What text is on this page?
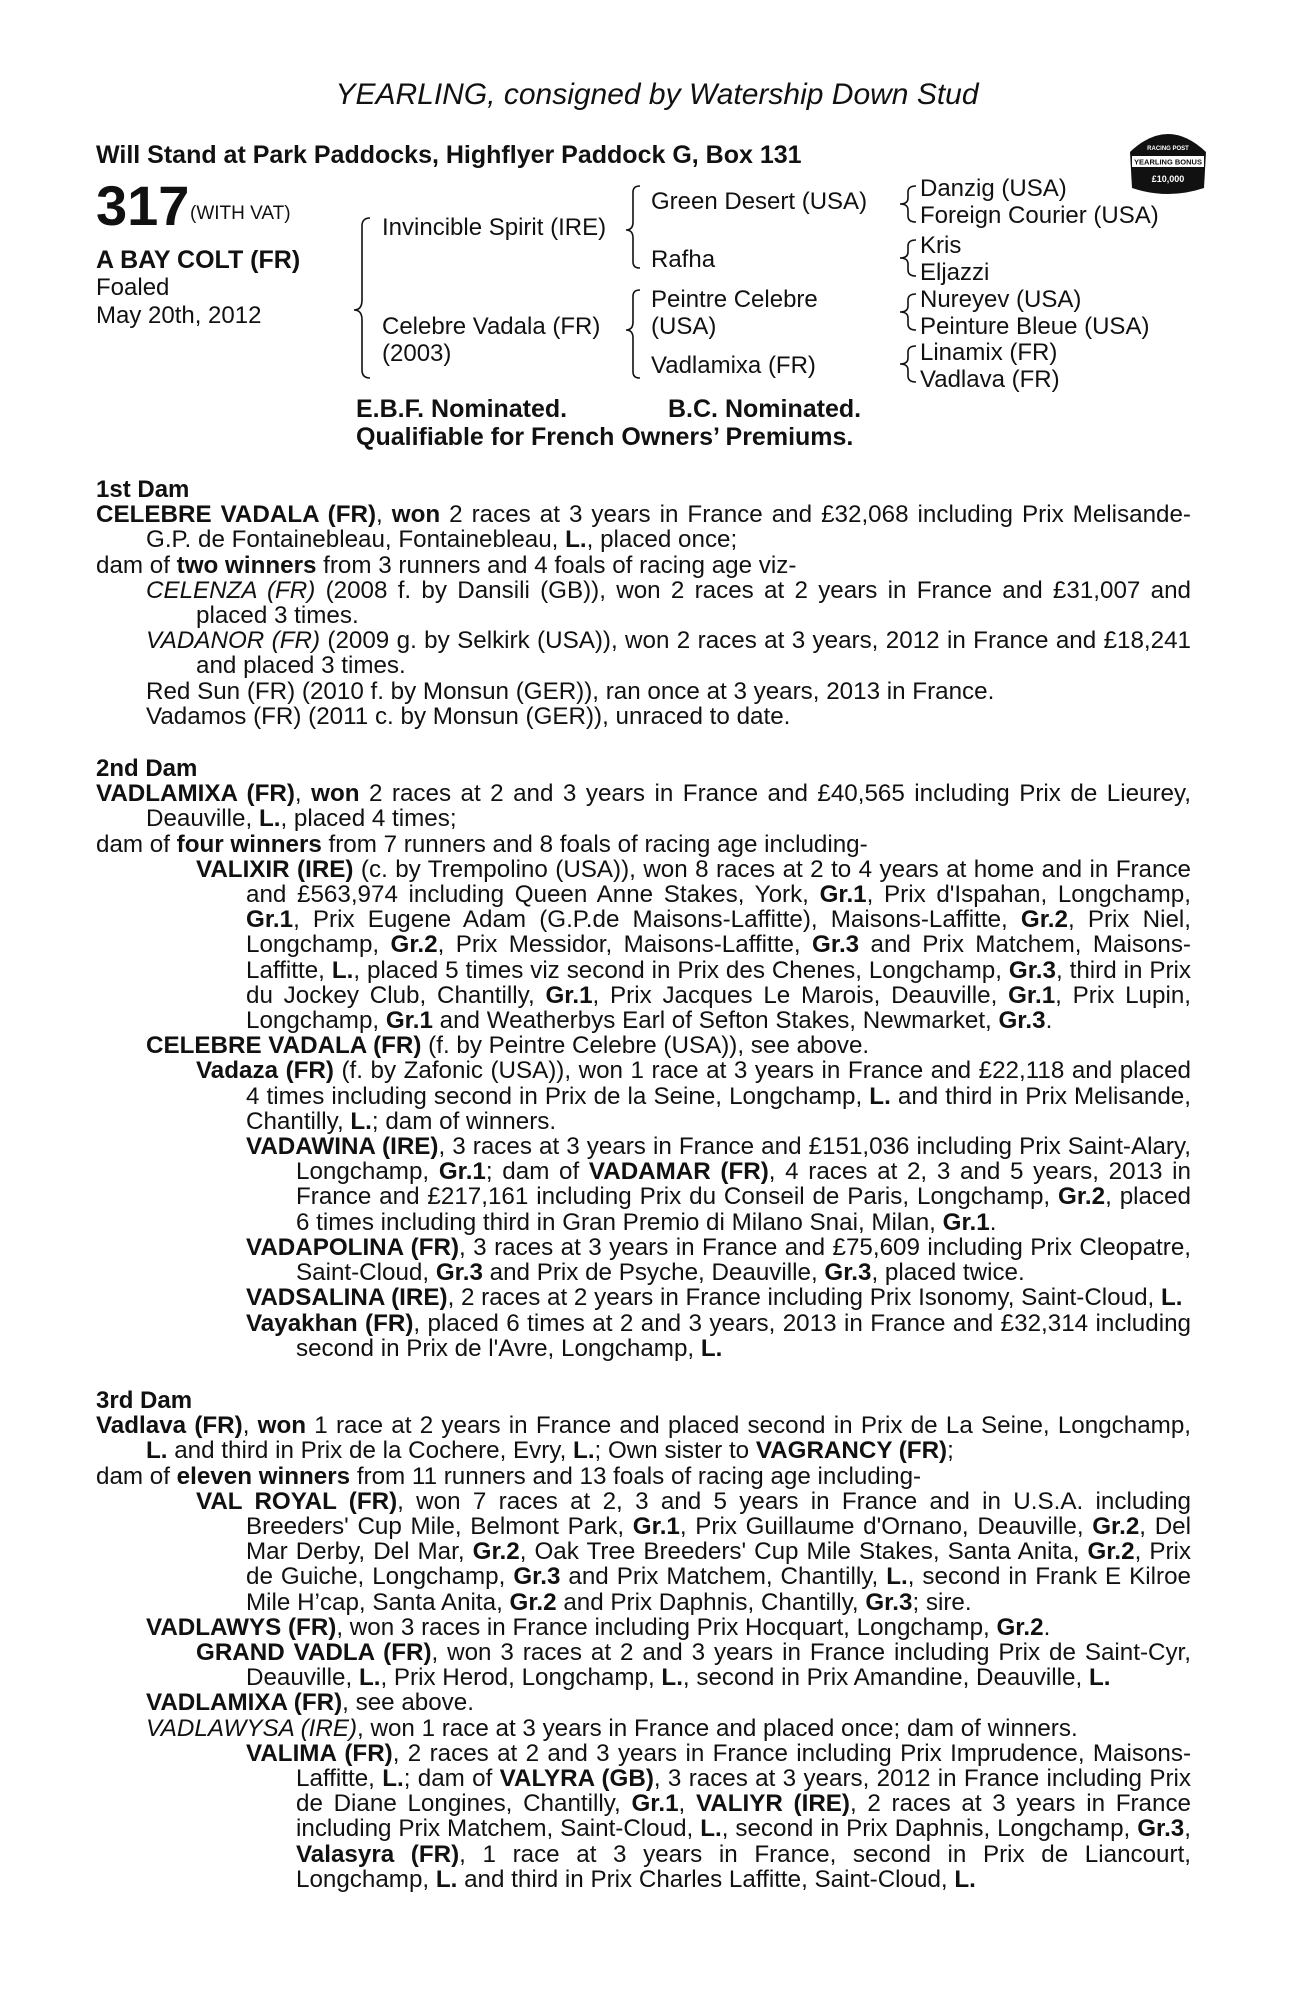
YEARLING, consigned by Watership Down Stud
Will Stand at Park Paddocks, Highflyer Paddock G, Box 131	RACING POST
YEARLING BONUS
£10,000
317 (WITH VAT)
A BAY COLT (FR)
Foaled
May 20th, 2012
Invincible Spirit (IRE)
Celebre Vadala (FR)
(2003)
Green Desert (USA)
Rafha
Peintre Celebre
(USA)
Vadlamixa (FR)
Danzig (USA)
Foreign Courier (USA)
Kris
Eljazzi
Nureyev (USA)
Peinture Bleue (USA)
Linamix (FR)
Vadlava (FR)
E.B.F. Nominated.	B.C. Nominated.
Qualifiable for French Owners’ Premiums.
1st Dam
CELEBRE VADALA (FR), won 2 races at 3 years in France and £32,068 including Prix Melisande-G.P. de Fontainebleau, Fontainebleau, L., placed once;
dam of two winners from 3 runners and 4 foals of racing age viz-
CELENZA (FR) (2008 f. by Dansili (GB)), won 2 races at 2 years in France and £31,007 and placed 3 times.
VADANOR (FR) (2009 g. by Selkirk (USA)), won 2 races at 3 years, 2012 in France and £18,241 and placed 3 times.
Red Sun (FR) (2010 f. by Monsun (GER)), ran once at 3 years, 2013 in France.
Vadamos (FR) (2011 c. by Monsun (GER)), unraced to date.
2nd Dam
VADLAMIXA (FR), won 2 races at 2 and 3 years in France and £40,565 including Prix de Lieurey, Deauville, L., placed 4 times;
dam of four winners from 7 runners and 8 foals of racing age including-
VALIXIR (IRE) (c. by Trempolino (USA)), won 8 races at 2 to 4 years at home and in France and £563,974 including Queen Anne Stakes, York, Gr.1, Prix d'Ispahan, Longchamp, Gr.1, Prix Eugene Adam (G.P.de Maisons-Laffitte), Maisons-Laffitte, Gr.2, Prix Niel, Longchamp, Gr.2, Prix Messidor, Maisons-Laffitte, Gr.3 and Prix Matchem, Maisons-Laffitte, L., placed 5 times viz second in Prix des Chenes, Longchamp, Gr.3, third in Prix du Jockey Club, Chantilly, Gr.1, Prix Jacques Le Marois, Deauville, Gr.1, Prix Lupin, Longchamp, Gr.1 and Weatherbys Earl of Sefton Stakes, Newmarket, Gr.3.
CELEBRE VADALA (FR) (f. by Peintre Celebre (USA)), see above.
Vadaza (FR) (f. by Zafonic (USA)), won 1 race at 3 years in France and £22,118 and placed 4 times including second in Prix de la Seine, Longchamp, L. and third in Prix Melisande, Chantilly, L.; dam of winners.
VADAWINA (IRE), 3 races at 3 years in France and £151,036 including Prix Saint-Alary, Longchamp, Gr.1; dam of VADAMAR (FR), 4 races at 2, 3 and 5 years, 2013 in France and £217,161 including Prix du Conseil de Paris, Longchamp, Gr.2, placed 6 times including third in Gran Premio di Milano Snai, Milan, Gr.1.
VADAPOLINA (FR), 3 races at 3 years in France and £75,609 including Prix Cleopatre, Saint-Cloud, Gr.3 and Prix de Psyche, Deauville, Gr.3, placed twice.
VADSALINA (IRE), 2 races at 2 years in France including Prix Isonomy, Saint-Cloud, L.
Vayakhan (FR), placed 6 times at 2 and 3 years, 2013 in France and £32,314 including second in Prix de l'Avre, Longchamp, L.
3rd Dam
Vadlava (FR), won 1 race at 2 years in France and placed second in Prix de La Seine, Longchamp, L. and third in Prix de la Cochere, Evry, L.; Own sister to VAGRANCY (FR);
dam of eleven winners from 11 runners and 13 foals of racing age including-
VAL ROYAL (FR), won 7 races at 2, 3 and 5 years in France and in U.S.A. including Breeders' Cup Mile, Belmont Park, Gr.1, Prix Guillaume d'Ornano, Deauville, Gr.2, Del Mar Derby, Del Mar, Gr.2, Oak Tree Breeders' Cup Mile Stakes, Santa Anita, Gr.2, Prix de Guiche, Longchamp, Gr.3 and Prix Matchem, Chantilly, L., second in Frank E Kilroe Mile H’cap, Santa Anita, Gr.2 and Prix Daphnis, Chantilly, Gr.3; sire.
VADLAWYS (FR), won 3 races in France including Prix Hocquart, Longchamp, Gr.2.
GRAND VADLA (FR), won 3 races at 2 and 3 years in France including Prix de Saint-Cyr, Deauville, L., Prix Herod, Longchamp, L., second in Prix Amandine, Deauville, L.
VADLAMIXA (FR), see above.
VADLAWYSA (IRE), won 1 race at 3 years in France and placed once; dam of winners.
VALIMA (FR), 2 races at 2 and 3 years in France including Prix Imprudence, Maisons-Laffitte, L.; dam of VALYRA (GB), 3 races at 3 years, 2012 in France including Prix de Diane Longines, Chantilly, Gr.1, VALIYR (IRE), 2 races at 3 years in France including Prix Matchem, Saint-Cloud, L., second in Prix Daphnis, Longchamp, Gr.3, Valasyra (FR), 1 race at 3 years in France, second in Prix de Liancourt, Longchamp, L. and third in Prix Charles Laffitte, Saint-Cloud, L.
